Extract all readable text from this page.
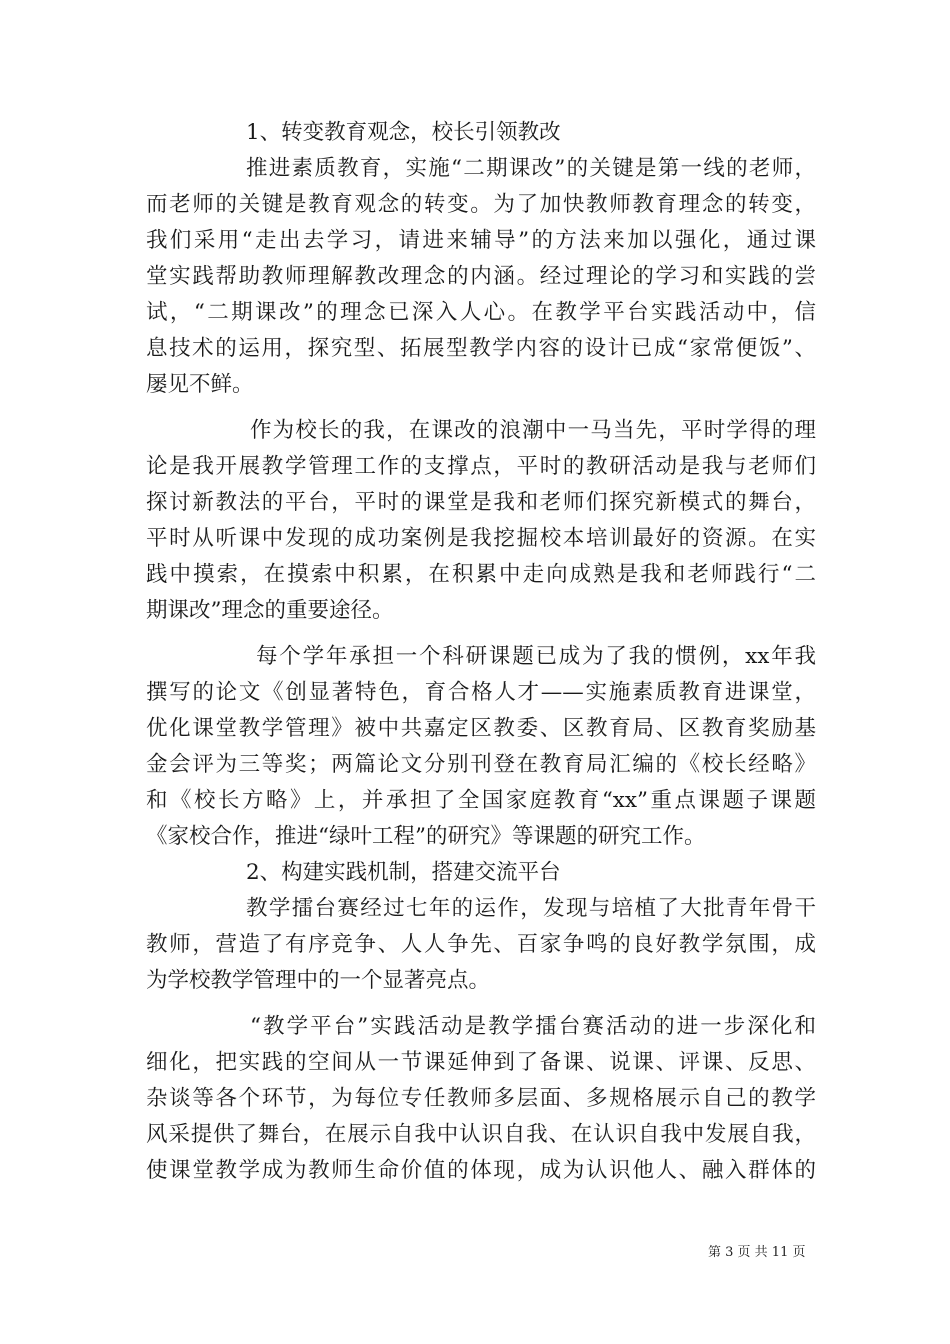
1、转变教育观念，校长引领教改
推进素质教育，实施“二期课改”的关键是第一线的老师，
而老师的关键是教育观念的转变。为了加快教师教育理念的转变，
我们采用“走出去学习，请进来辅导”的方法来加以强化，通过课
堂实践帮助教师理解教改理念的内涵。经过理论的学习和实践的尝
试，“二期课改”的理念已深入人心。在教学平台实践活动中，信
息技术的运用，探究型、拓展型教学内容的设计已成“家常便饭”、
屡见不鲜。
作为校长的我，在课改的浪潮中一马当先，平时学得的理
论是我开展教学管理工作的支撑点，平时的教研活动是我与老师们
探讨新教法的平台，平时的课堂是我和老师们探究新模式的舞台，
平时从听课中发现的成功案例是我挖掘校本培训最好的资源。在实
践中摸索，在摸索中积累，在积累中走向成熟是我和老师践行“二
期课改”理念的重要途径。
每个学年承担一个科研课题已成为了我的惯例，xx年我
撰写的论文《创显著特色，育合格人才——实施素质教育进课堂，
优化课堂教学管理》被中共嘉定区教委、区教育局、区教育奖励基
金会评为三等奖；两篇论文分别刊登在教育局汇编的《校长经略》
和《校长方略》上，并承担了全国家庭教育“xx”重点课题子课题
《家校合作，推进“绿叶工程”的研究》等课题的研究工作。
2、构建实践机制，搭建交流平台
教学擂台赛经过七年的运作，发现与培植了大批青年骨干
教师，营造了有序竞争、人人争先、百家争鸣的良好教学氛围，成
为学校教学管理中的一个显著亮点。
“教学平台”实践活动是教学擂台赛活动的进一步深化和
细化，把实践的空间从一节课延伸到了备课、说课、评课、反思、
杂谈等各个环节，为每位专任教师多层面、多规格展示自己的教学
风采提供了舞台，在展示自我中认识自我、在认识自我中发展自我，
使课堂教学成为教师生命价值的体现，成为认识他人、融入群体的
第 3 页 共 11 页
